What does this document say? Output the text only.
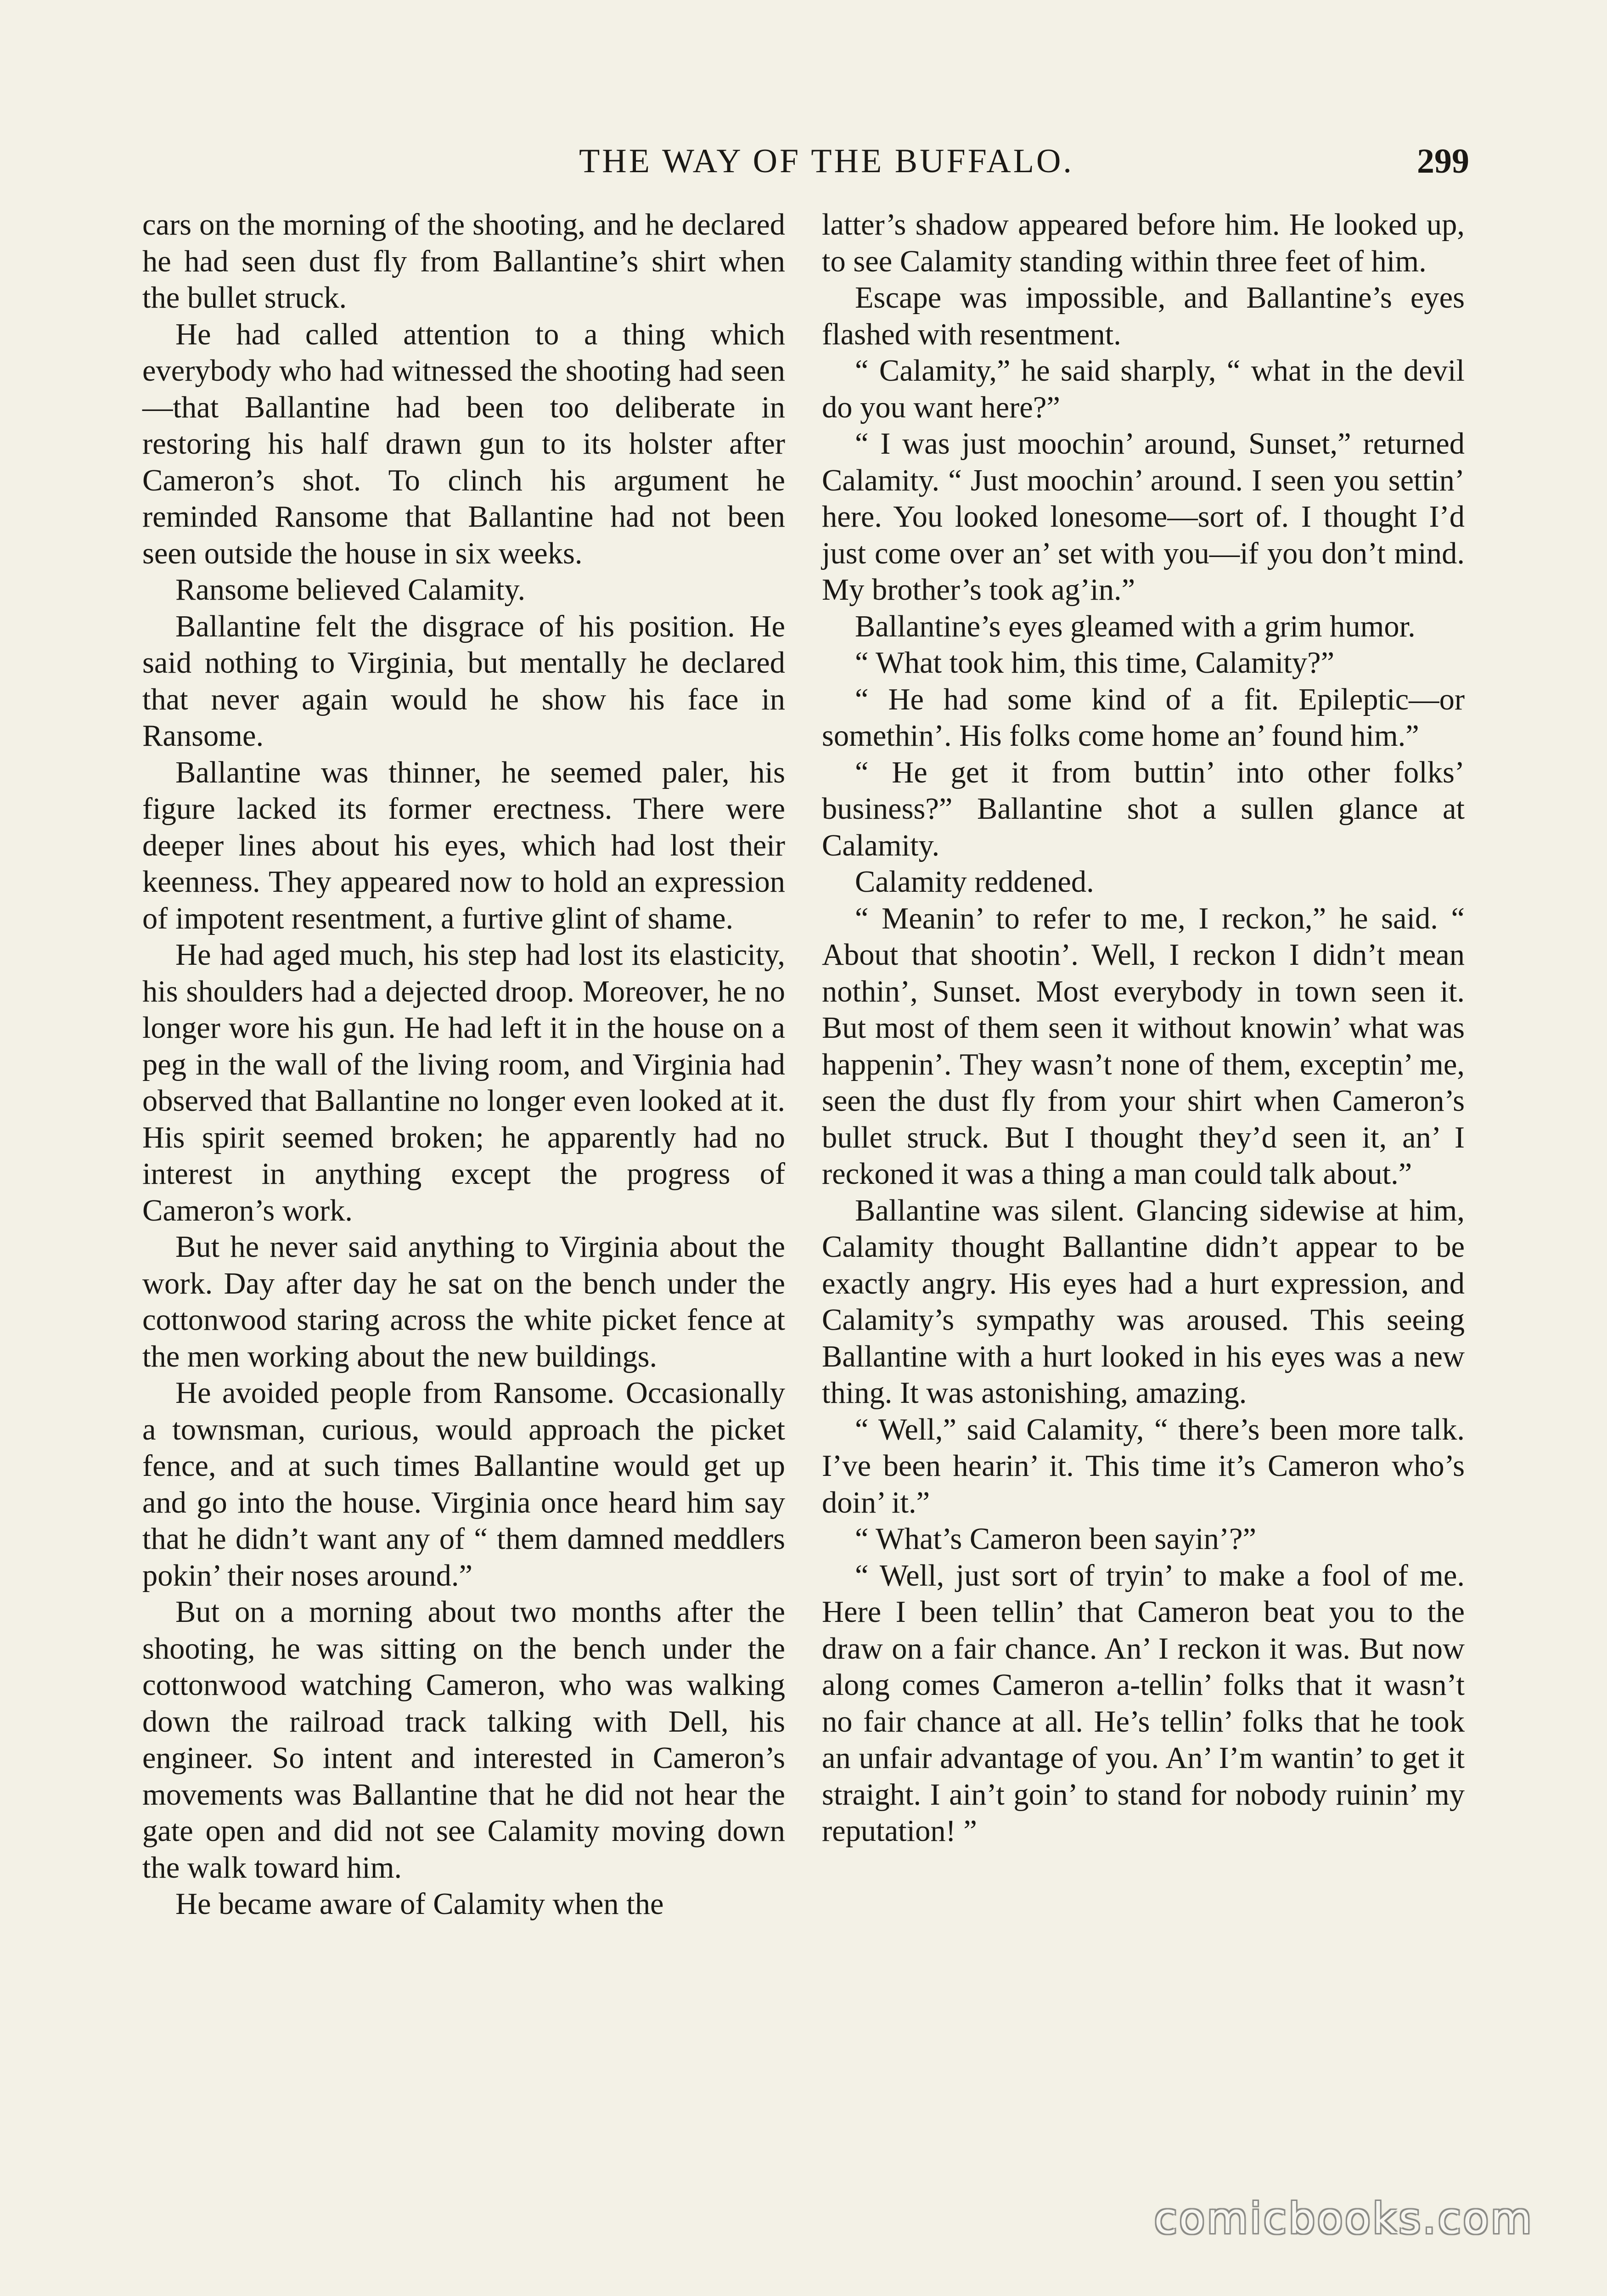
THE WAY OF THE BUFFALO.	299

cars on the morning of the shooting, and he declared he had seen dust fly from Ballantine’s shirt when the bullet struck.

He had called attention to a thing which everybody who had witnessed the shooting had seen—that Ballantine had been too deliberate in restoring his half drawn gun to its holster after Cameron’s shot. To clinch his argument he reminded Ransome that Ballantine had not been seen outside the house in six weeks.

Ransome believed Calamity.

Ballantine felt the disgrace of his position. He said nothing to Virginia, but mentally he declared that never again would he show his face in Ransome.

Ballantine was thinner, he seemed paler, his figure lacked its former erectness. There were deeper lines about his eyes, which had lost their keenness. They appeared now to hold an expression of impotent resentment, a furtive glint of shame.

He had aged much, his step had lost its elasticity, his shoulders had a dejected droop. Moreover, he no longer wore his gun. He had left it in the house on a peg in the wall of the living room, and Virginia had observed that Ballantine no longer even looked at it. His spirit seemed broken; he apparently had no interest in anything except the progress of Cameron’s work.

But he never said anything to Virginia about the work. Day after day he sat on the bench under the cottonwood staring across the white picket fence at the men working about the new buildings.

He avoided people from Ransome. Occasionally a townsman, curious, would approach the picket fence, and at such times Ballantine would get up and go into the house. Virginia once heard him say that he didn’t want any of “ them damned meddlers pokin’ their noses around.”

But on a morning about two months after the shooting, he was sitting on the bench under the cottonwood watching Cameron, who was walking down the railroad track talking with Dell, his engineer. So intent and interested in Cameron’s movements was Ballantine that he did not hear the gate open and did not see Calamity moving down the walk toward him.

He became aware of Calamity when the

latter’s shadow appeared before him. He looked up, to see Calamity standing within three feet of him.

Escape was impossible, and Ballantine’s eyes flashed with resentment.

“ Calamity,” he said sharply, “ what in the devil do you want here?”

“ I was just moochin’ around, Sunset,” returned Calamity. “ Just moochin’ around. I seen you settin’ here. You looked lonesome—sort of. I thought I’d just come over an’ set with you—if you don’t mind. My brother’s took ag’in.”

Ballantine’s eyes gleamed with a grim humor.

“ What took him, this time, Calamity?”

“ He had some kind of a fit. Epileptic—or somethin’. His folks come home an’ found him.”

“ He get it from buttin’ into other folks’ business?” Ballantine shot a sullen glance at Calamity.

Calamity reddened.

“ Meanin’ to refer to me, I reckon,” he said. “ About that shootin’. Well, I reckon I didn’t mean nothin’, Sunset. Most everybody in town seen it. But most of them seen it without knowin’ what was happenin’. They wasn’t none of them, exceptin’ me, seen the dust fly from your shirt when Cameron’s bullet struck. But I thought they’d seen it, an’ I reckoned it was a thing a man could talk about.”

Ballantine was silent. Glancing sidewise at him, Calamity thought Ballantine didn’t appear to be exactly angry. His eyes had a hurt expression, and Calamity’s sympathy was aroused. This seeing Ballantine with a hurt looked in his eyes was a new thing. It was astonishing, amazing.

“ Well,” said Calamity, “ there’s been more talk. I’ve been hearin’ it. This time it’s Cameron who’s doin’ it.”

“ What’s Cameron been sayin’?”

“ Well, just sort of tryin’ to make a fool of me. Here I been tellin’ that Cameron beat you to the draw on a fair chance. An’ I reckon it was. But now along comes Cameron a-tellin’ folks that it wasn’t no fair chance at all. He’s tellin’ folks that he took an unfair advantage of you. An’ I’m wantin’ to get it straight. I ain’t goin’ to stand for nobody ruinin’ my reputation! ”

comicbooks.com
